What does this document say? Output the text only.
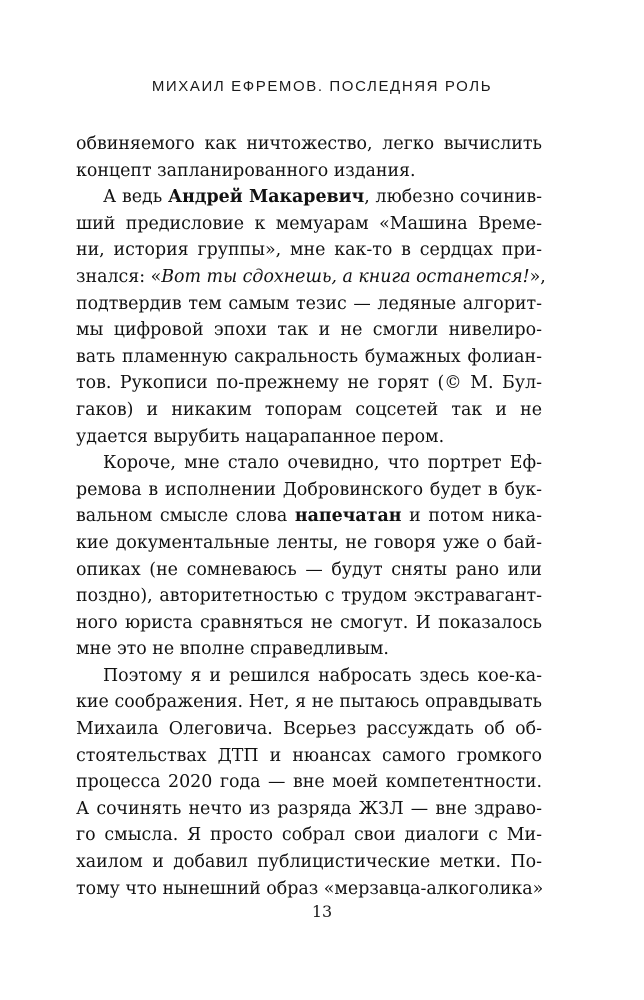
МИХАИЛ ЕФРЕМОВ. ПОСЛЕДНЯЯ РОЛЬ
обвиняемого как ничтожество, легко вычислить
концепт запланированного издания.
А ведь Андрей Макаревич, любезно сочинив-
ший предисловие к мемуарам «Машина Време-
ни, история группы», мне как-то в сердцах при-
знался: «Вот ты сдохнешь, а книга останется!»,
подтвердив тем самым тезис — ледяные алгорит-
мы цифровой эпохи так и не смогли нивелиро-
вать пламенную сакральность бумажных фолиан-
тов. Рукописи по-прежнему не горят (© М. Бул-
гаков) и никаким топорам соцсетей так и не
удается вырубить нацарапанное пером.
Короче, мне стало очевидно, что портрет Еф-
ремова в исполнении Добровинского будет в бук-
вальном смысле слова напечатан и потом ника-
кие документальные ленты, не говоря уже о бай-
опиках (не сомневаюсь — будут сняты рано или
поздно), авторитетностью с трудом экстравагант-
ного юриста сравняться не смогут. И показалось
мне это не вполне справедливым.
Поэтому я и решился набросать здесь кое-ка-
кие соображения. Нет, я не пытаюсь оправдывать
Михаила Олеговича. Всерьез рассуждать об об-
стоятельствах ДТП и нюансах самого громкого
процесса 2020 года — вне моей компетентности.
А сочинять нечто из разряда ЖЗЛ — вне здраво-
го смысла. Я просто собрал свои диалоги с Ми-
хаилом и добавил публицистические метки. По-
тому что нынешний образ «мерзавца-алкоголика»
13
